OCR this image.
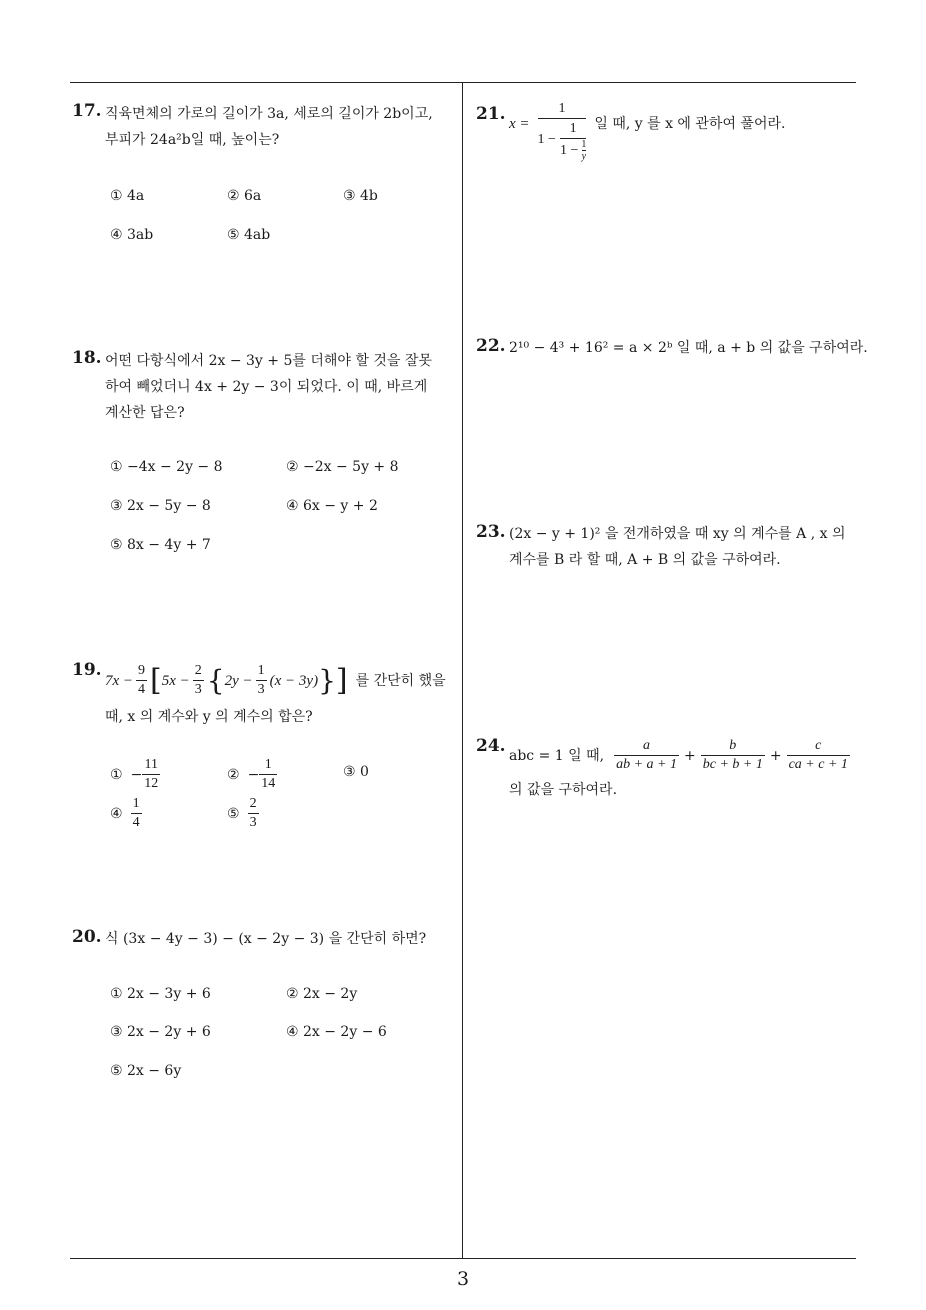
17. 직육면체의 가로의 길이가 3a, 세로의 길이가 2b이고,
부피가 24a²b일 때, 높이는?
① 4a	② 6a	③ 4b
④ 3ab	⑤ 4ab
18. 어떤 다항식에서 2x − 3y + 5를 더해야 할 것을 잘못
하여 빼었더니 4x + 2y − 3이 되었다. 이 때, 바르게
계산한 답은?
① −4x − 2y − 8	② −2x − 5y + 8
③ 2x − 5y − 8	④ 6x − y + 2
⑤ 8x − 4y + 7
19.
$7x - \frac{9}{4}$ [ $5x - \frac{2}{3}$ { $2y - \frac{1}{3} (x - 3y)$ } ] 를 간단히 했을
때, x 의 계수와 y 의 계수의 합은?
① − $\frac{11}{12}$	② − $\frac{1}{14}$	③ 0
④ $\frac{1}{4}$	⑤ $\frac{2}{3}$
20. 식 (3x − 4y − 3) − (x − 2y − 3) 을 간단히 하면?
① 2x − 3y + 6	② 2x − 2y
③ 2x − 2y + 6	④ 2x − 2y − 6
⑤ 2x − 6y
21. x =
1
$1 - \frac{1}{1 - \frac{1}{y}}$ 일 때, y 를 x 에 관하여 풀어라.
22. 2¹⁰ − 4³ + 16² = a × 2ᵇ 일 때, a + b 의 값을 구하여라.
23. (2x − y + 1)² 을 전개하였을 때 xy 의 계수를 A , x 의
계수를 B 라 할 때, A + B 의 값을 구하여라.
24. abc = 1 일 때, $\frac{a}{ab + a + 1} + \frac{b}{bc + b + 1} + \frac{c}{ca + c + 1}$
의 값을 구하여라.
3
